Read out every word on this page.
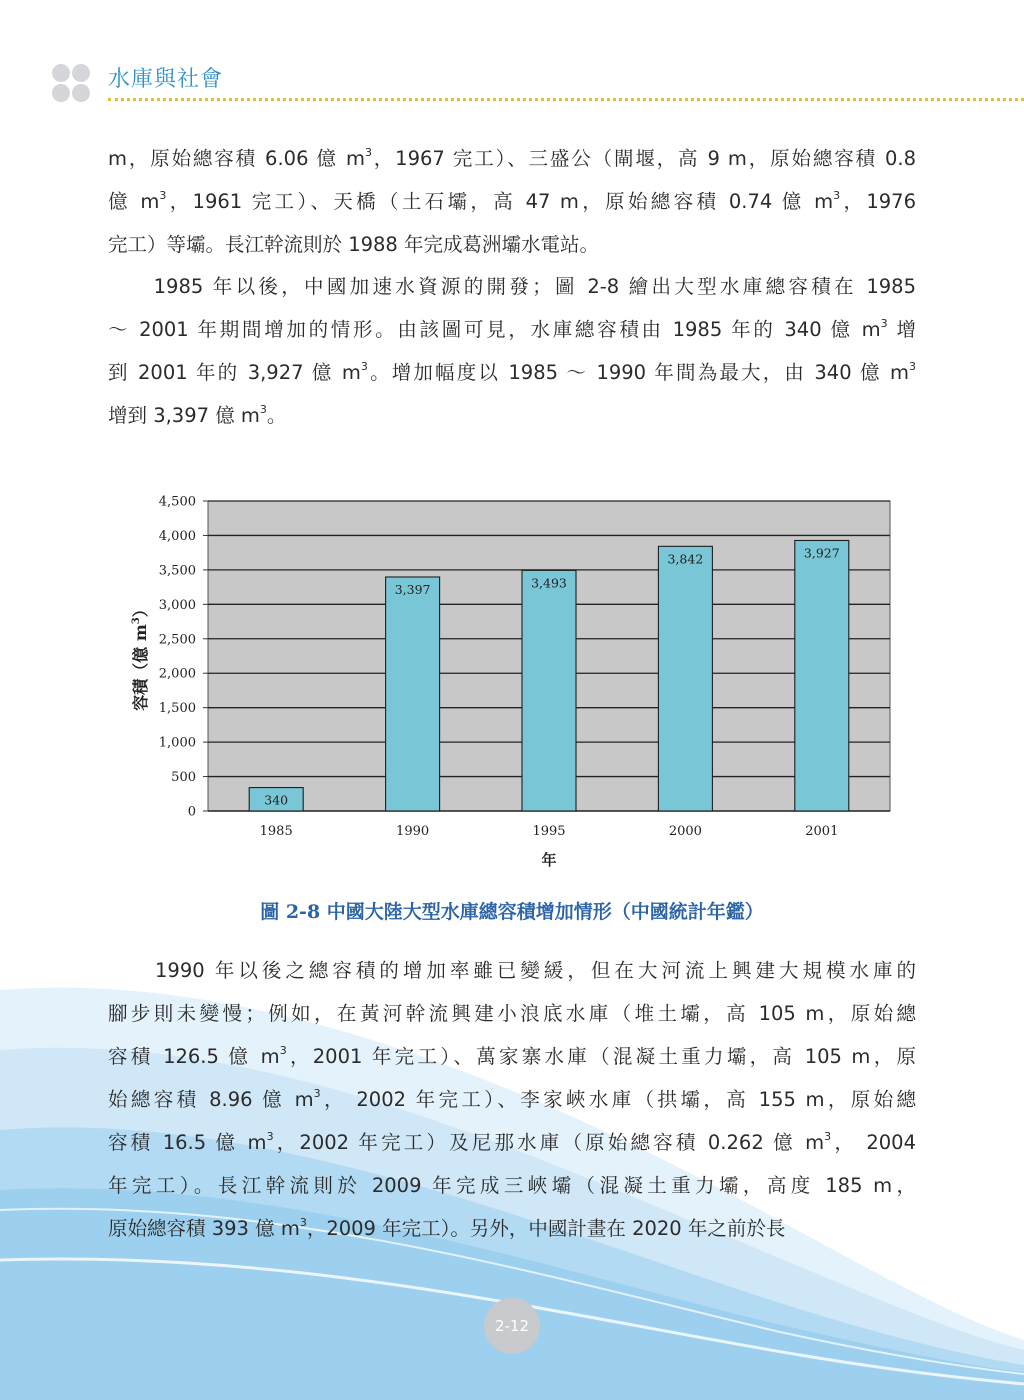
水庫與社會
m，原始總容積 6.06 億 $m^3$，1967 完工）、三盛公（閘堰，高 9 m，原始總容積 0.8
億 $m^3$，1961 完工）、天橋（土石壩，高 47 m，原始總容積 0.74 億 $m^3$，1976
完工）等壩。長江幹流則於 1988 年完成葛洲壩水電站。
　　1985 年以後，中國加速水資源的開發；圖 2-8 繪出大型水庫總容積在 1985
～ 2001 年期間增加的情形。由該圖可見，水庫總容積由 1985 年的 340 億 $m^3$ 增
到 2001 年的 3,927 億 $m^3$。增加幅度以 1985 ～ 1990 年間為最大，由 340 億 $m^3$
增到 3,397 億 $m^3$。
0
500
1,000
1,500
2,000
2,500
3,000
3,500
4,000
4,500
340
1985
3,397
1990
3,493
1995
3,842
2000
3,927
2001
年
容積（億 $m^3$）
圖 2-8 中國大陸大型水庫總容積增加情形（中國統計年鑑）
　　1990 年以後之總容積的增加率雖已變緩，但在大河流上興建大規模水庫的
腳步則未變慢；例如，在黃河幹流興建小浪底水庫（堆土壩，高 105 m，原始總
容積 126.5 億 $m^3$，2001 年完工）、萬家寨水庫（混凝土重力壩，高 105 m，原
始總容積 8.96 億 $m^3$， 2002 年完工）、李家峽水庫（拱壩，高 155 m，原始總
容積 16.5 億 $m^3$，2002 年完工）及尼那水庫（原始總容積 0.262 億 $m^3$， 2004
年完工）。長江幹流則於 2009 年完成三峽壩（混凝土重力壩，高度 185 m，
原始總容積 393 億 $m^3$，2009 年完工）。另外，中國計畫在 2020 年之前於長
2-12
